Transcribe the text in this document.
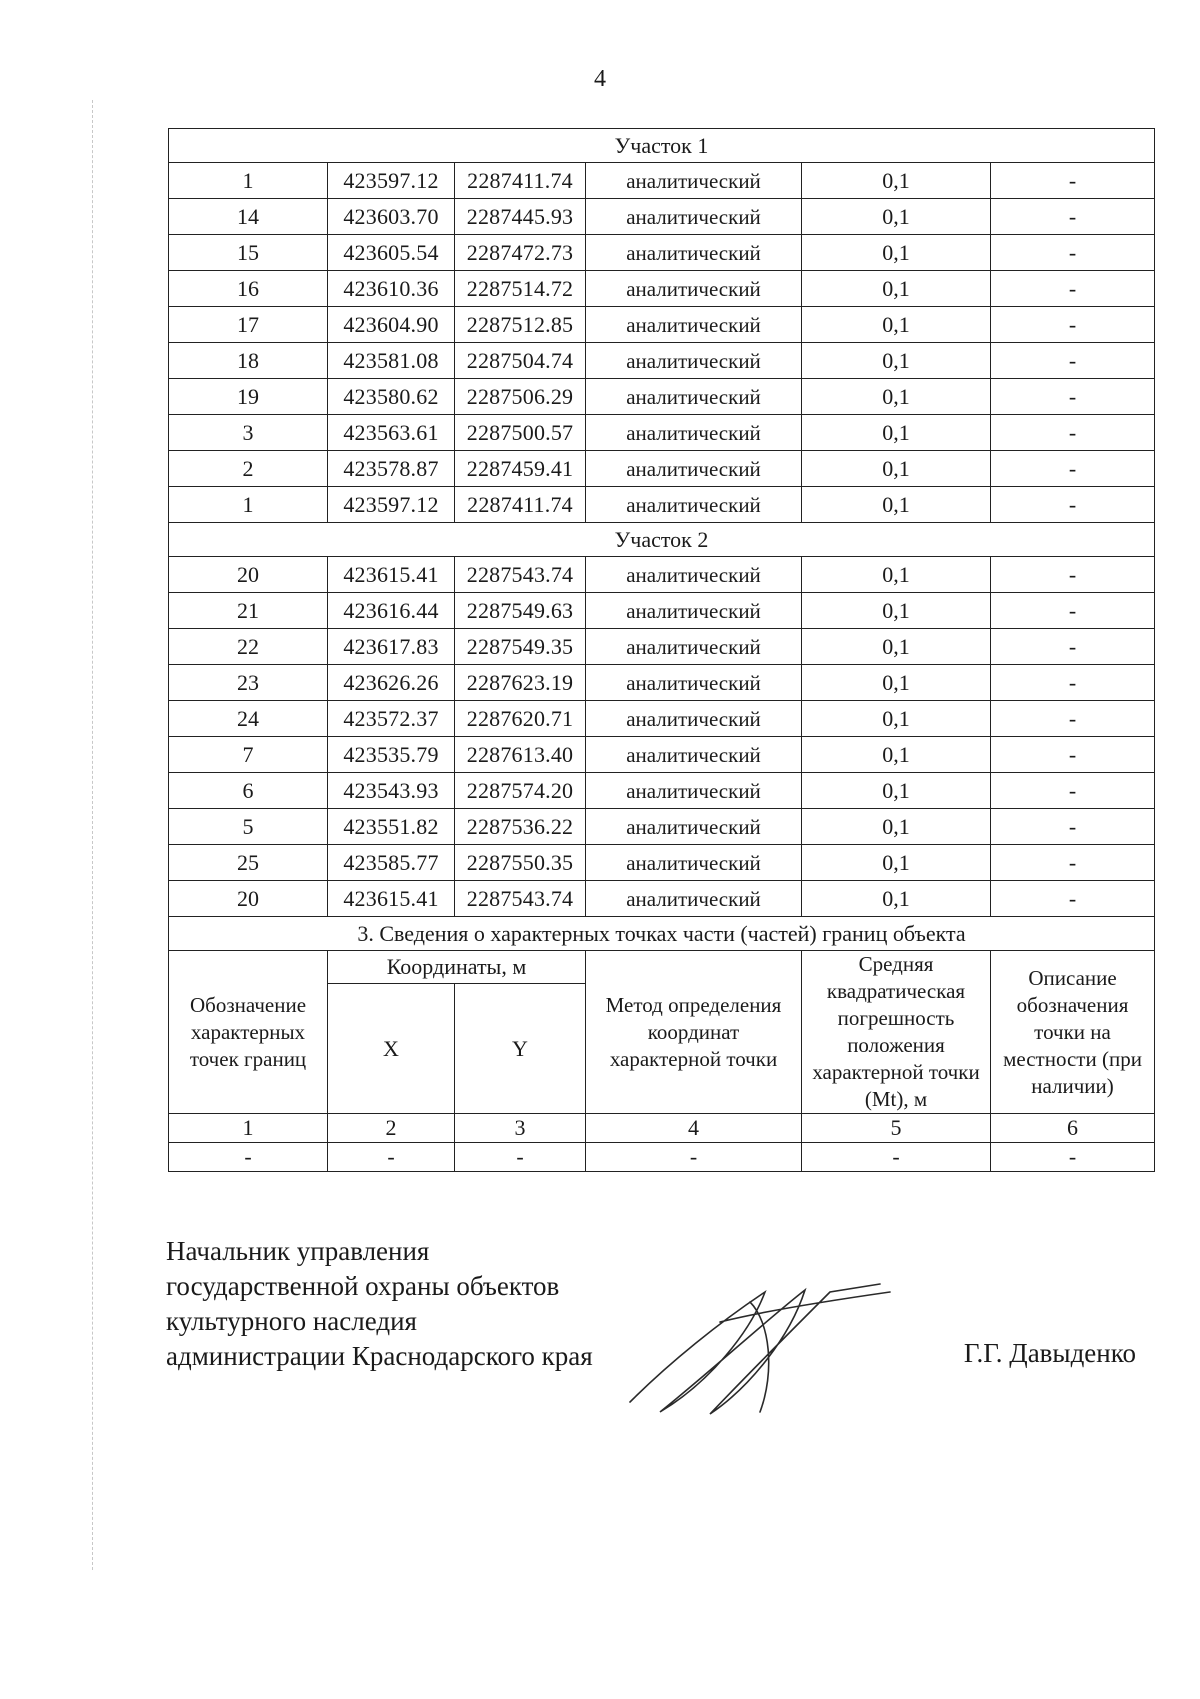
4
Участок 1					
1	423597.12	2287411.74	аналитический	0,1	-
14	423603.70	2287445.93	аналитический	0,1	-
15	423605.54	2287472.73	аналитический	0,1	-
16	423610.36	2287514.72	аналитический	0,1	-
17	423604.90	2287512.85	аналитический	0,1	-
18	423581.08	2287504.74	аналитический	0,1	-
19	423580.62	2287506.29	аналитический	0,1	-
3	423563.61	2287500.57	аналитический	0,1	-
2	423578.87	2287459.41	аналитический	0,1	-
1	423597.12	2287411.74	аналитический	0,1	-
Участок 2					
20	423615.41	2287543.74	аналитический	0,1	-
21	423616.44	2287549.63	аналитический	0,1	-
22	423617.83	2287549.35	аналитический	0,1	-
23	423626.26	2287623.19	аналитический	0,1	-
24	423572.37	2287620.71	аналитический	0,1	-
7	423535.79	2287613.40	аналитический	0,1	-
6	423543.93	2287574.20	аналитический	0,1	-
5	423551.82	2287536.22	аналитический	0,1	-
25	423585.77	2287550.35	аналитический	0,1	-
20	423615.41	2287543.74	аналитический	0,1	-
3. Сведения о характерных точках части (частей) границ объекта					
Обозначение характерных точек границ	Координаты, м		Метод определения координат характерной точки	Средняя квадратическая погрешность положения характерной точки (Mt), м	Описание обозначения точки на местности (при наличии)
	X	Y			
1	2	3	4	5	6
-	-	-	-	-	-
Начальник управления
государственной охраны объектов
культурного наследия
администрации Краснодарского края	Г.Г. Давыденко
